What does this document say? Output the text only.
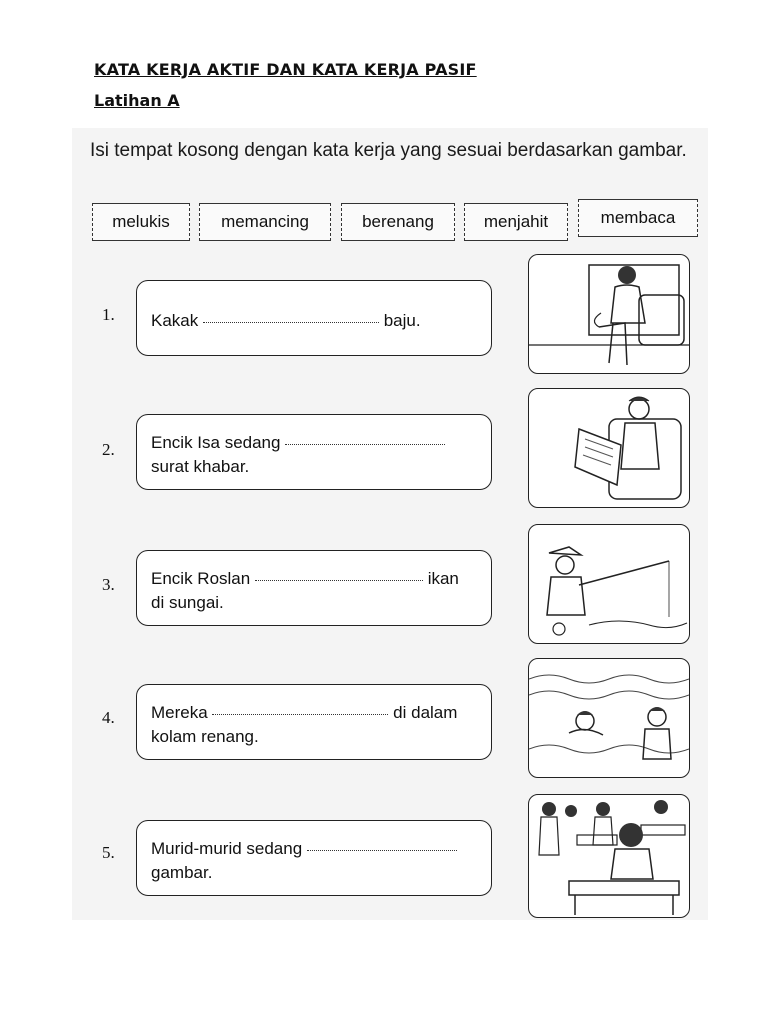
KATA KERJA AKTIF DAN KATA KERJA PASIF
Latihan A
Isi tempat kosong dengan kata kerja yang sesuai berdasarkan gambar.
melukis	memancing	berenang	menjahit	membaca
1. Kakak	baju.
2. Encik Isa sedang
surat khabar.
3. Encik Roslan	ikan
di sungai.
4. Mereka	di dalam
kolam renang.
5. Murid-murid sedang
gambar.
